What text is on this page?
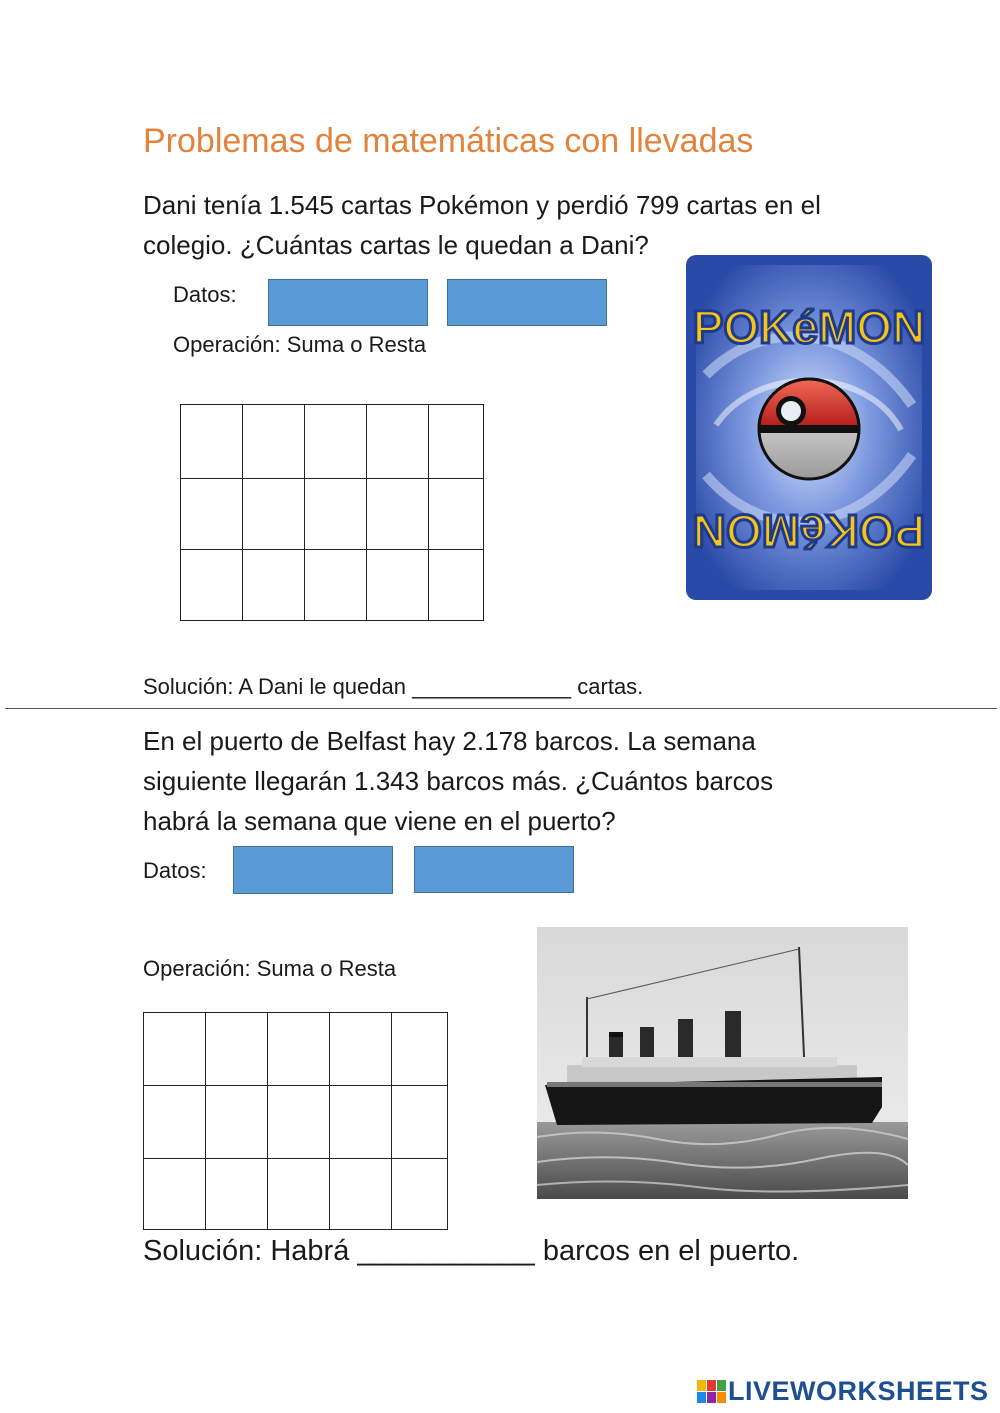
Problemas de matemáticas con llevadas
Dani tenía 1.545 cartas Pokémon y perdió 799 cartas en el
colegio. ¿Cuántas cartas le quedan a Dani?
Datos:
Operación: Suma o Resta

					POKéMON
POKéMON
Solución: A Dani le quedan _____________ cartas.
En el puerto de Belfast hay 2.178 barcos. La semana
siguiente llegarán 1.343 barcos más. ¿Cuántos barcos
habrá la semana que viene en el puerto?
Datos:
Operación: Suma o Resta

Solución: Habrá ___________ barcos en el puerto.
LIVEWORKSHEETS
